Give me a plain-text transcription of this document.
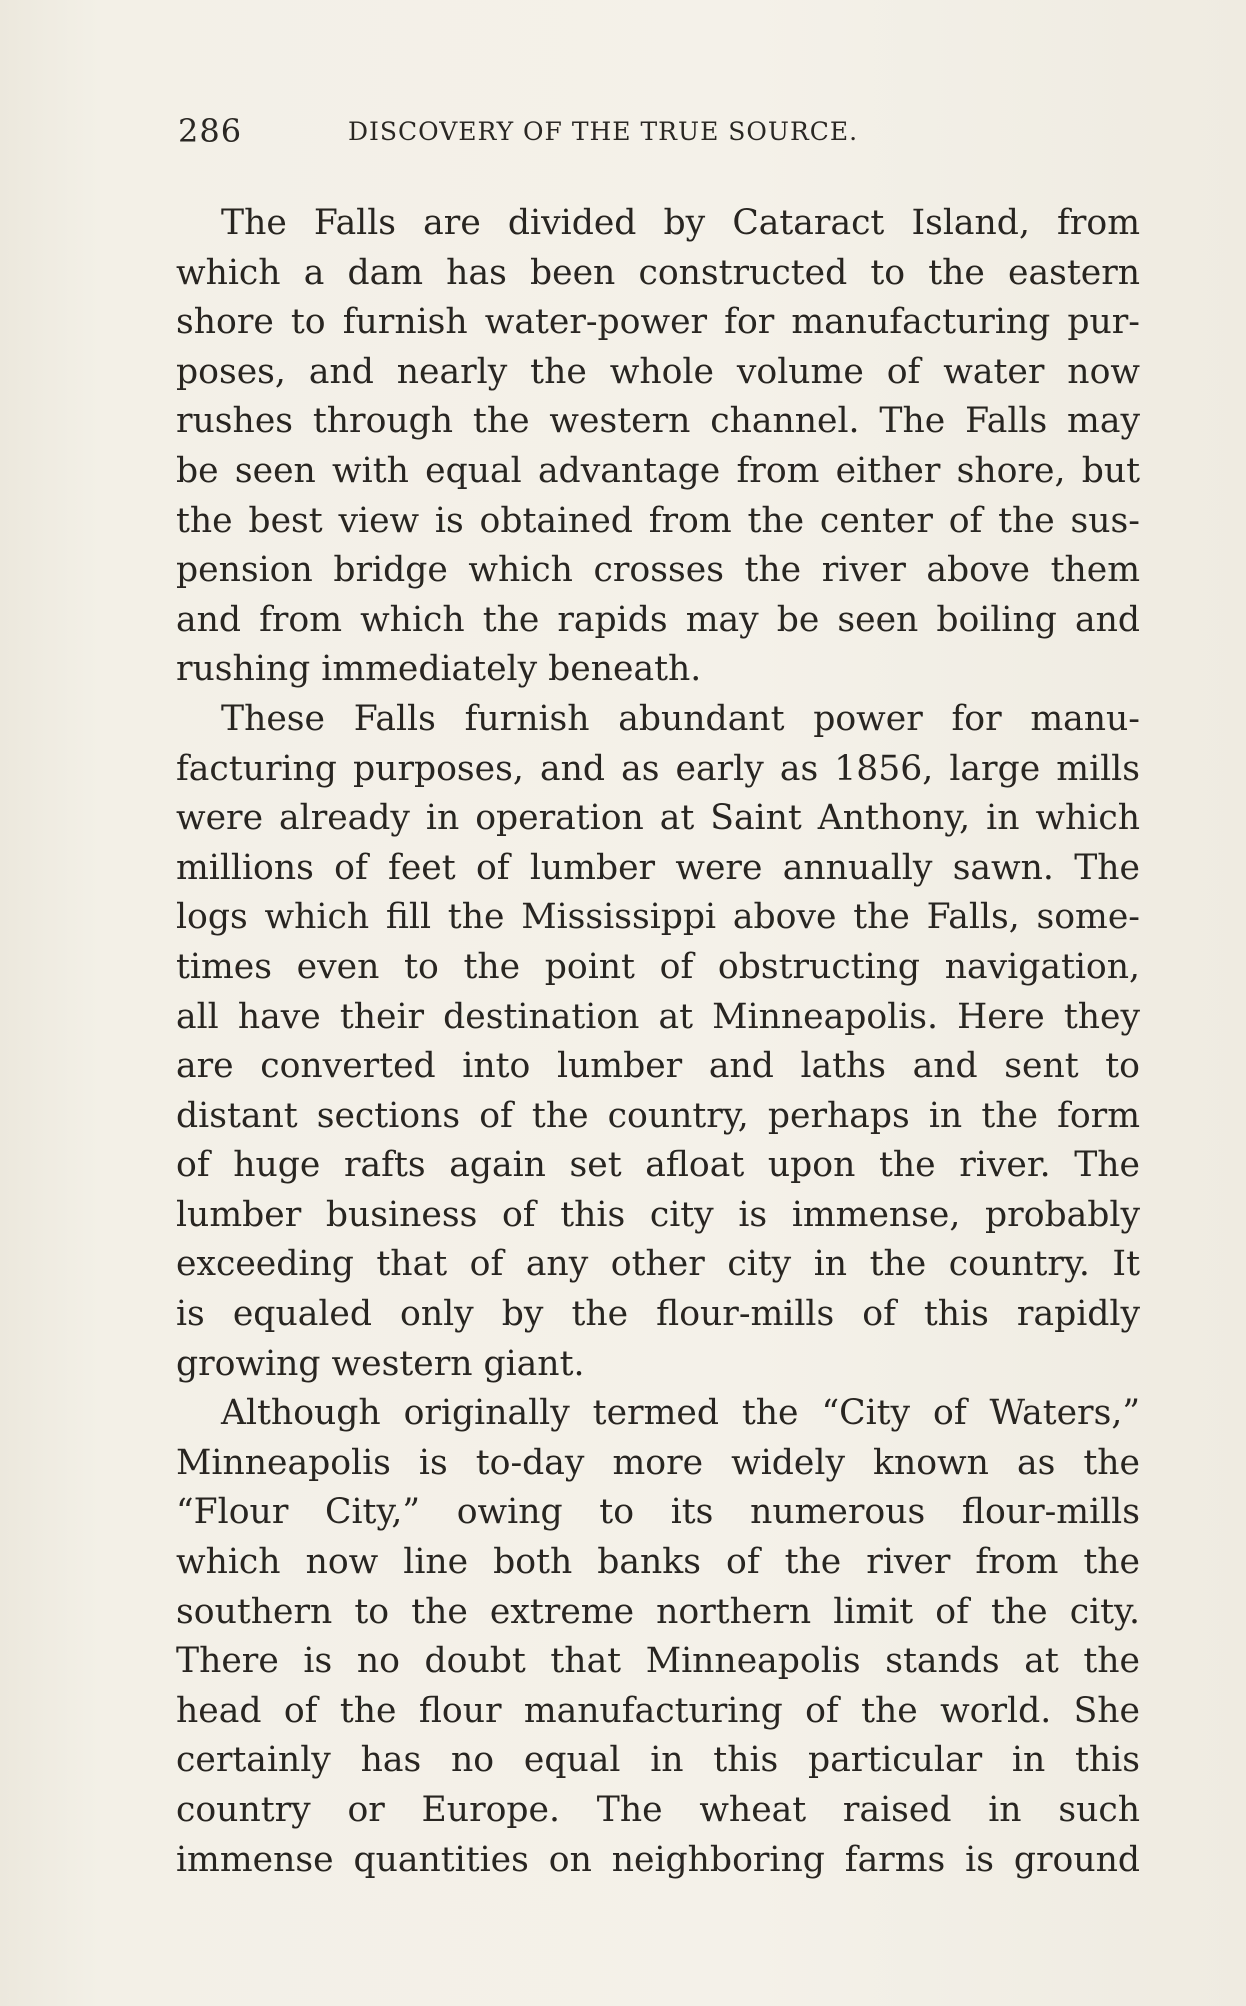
286	DISCOVERY OF THE TRUE SOURCE.
The Falls are divided by Cataract Island, from
which a dam has been constructed to the eastern
shore to furnish water-power for manufacturing pur-
poses, and nearly the whole volume of water now
rushes through the western channel. The Falls may
be seen with equal advantage from either shore, but
the best view is obtained from the center of the sus-
pension bridge which crosses the river above them
and from which the rapids may be seen boiling and
rushing immediately beneath.
These Falls furnish abundant power for manu-
facturing purposes, and as early as 1856, large mills
were already in operation at Saint Anthony, in which
millions of feet of lumber were annually sawn. The
logs which fill the Mississippi above the Falls, some-
times even to the point of obstructing navigation,
all have their destination at Minneapolis. Here they
are converted into lumber and laths and sent to
distant sections of the country, perhaps in the form
of huge rafts again set afloat upon the river. The
lumber business of this city is immense, probably
exceeding that of any other city in the country. It
is equaled only by the flour-mills of this rapidly
growing western giant.
Although originally termed the “City of Waters,”
Minneapolis is to-day more widely known as the
“Flour City,” owing to its numerous flour-mills
which now line both banks of the river from the
southern to the extreme northern limit of the city.
There is no doubt that Minneapolis stands at the
head of the flour manufacturing of the world. She
certainly has no equal in this particular in this
country or Europe. The wheat raised in such
immense quantities on neighboring farms is ground
